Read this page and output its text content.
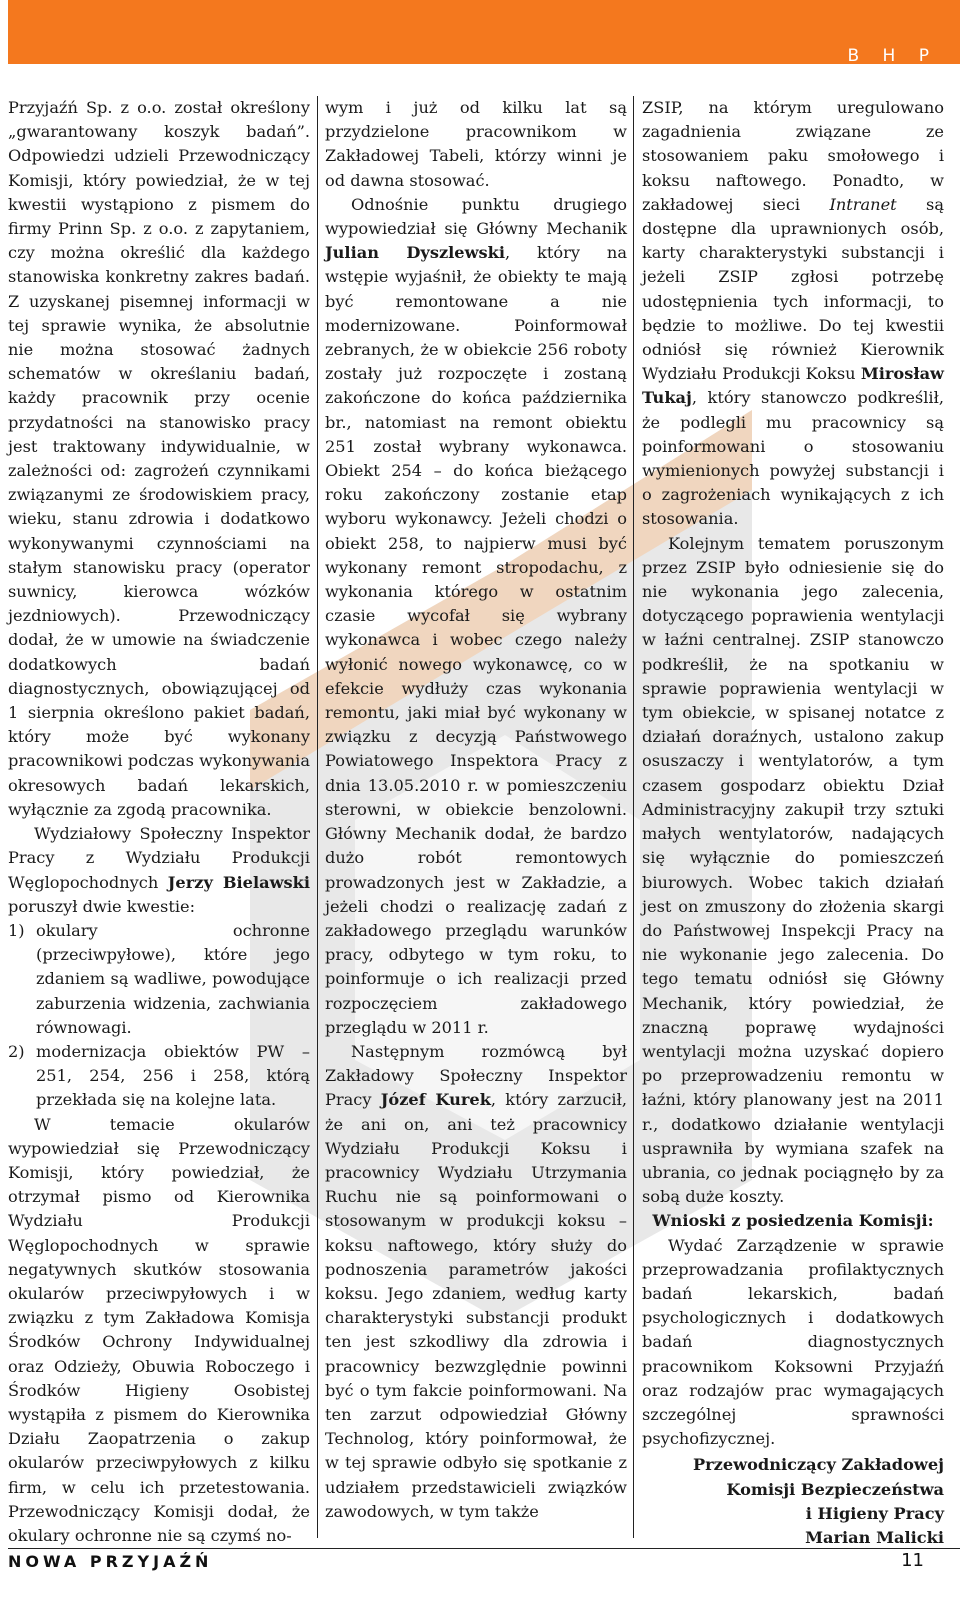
B H P

Przyjaźń Sp. z o.o. został określony „gwarantowany koszyk badań”. Odpowiedzi udzieli Przewodniczący Komisji, który powiedział, że w tej kwestii wystąpiono z pismem do firmy Prinn Sp. z o.o. z zapytaniem, czy można określić dla każdego stanowiska konkretny zakres badań. Z uzyskanej pisemnej informacji w tej sprawie wynika, że absolutnie nie można stosować żadnych schematów w określaniu badań, każdy pracownik przy ocenie przydatności na stanowisko pracy jest traktowany indywidualnie, w zależności od: zagrożeń czynnikami związanymi ze środowiskiem pracy, wieku, stanu zdrowia i dodatkowo wykonywanymi czynnościami na stałym stanowisku pracy (operator suwnicy, kierowca wózków jezdniowych). Przewodniczący dodał, że w umowie na świadczenie dodatkowych badań diagnostycznych, obowiązującej od 1 sierpnia określono pakiet badań, który może być wykonany pracownikowi podczas wykonywania okresowych badań lekarskich, wyłącznie za zgodą pracownika.

Wydziałowy Społeczny Inspektor Pracy z Wydziału Produkcji Węglopochodnych Jerzy Bielawski poruszył dwie kwestie:

1) okulary ochronne (przeciwpyłowe), które jego zdaniem są wadliwe, powodujące zaburzenia widzenia, zachwiania równowagi.
2) modernizacja obiektów PW – 251, 254, 256 i 258, którą przekłada się na kolejne lata.

W temacie okularów wypowiedział się Przewodniczący Komisji, który powiedział, że otrzymał pismo od Kierownika Wydziału Produkcji Węglopochodnych w sprawie negatywnych skutków stosowania okularów przeciwpyłowych i w związku z tym Zakładowa Komisja Środków Ochrony Indywidualnej oraz Odzieży, Obuwia Roboczego i Środków Higieny Osobistej wystąpiła z pismem do Kierownika Działu Zaopatrzenia o zakup okularów przeciwpyłowych z kilku firm, w celu ich przetestowania. Przewodniczący Komisji dodał, że okulary ochronne nie są czymś no-

wym i już od kilku lat są przydzielone pracownikom w Zakładowej Tabeli, którzy winni je od dawna stosować.

Odnośnie punktu drugiego wypowiedział się Główny Mechanik Julian Dyszlewski, który na wstępie wyjaśnił, że obiekty te mają być remontowane a nie modernizowane. Poinformował zebranych, że w obiekcie 256 roboty zostały już rozpoczęte i zostaną zakończone do końca października br., natomiast na remont obiektu 251 został wybrany wykonawca. Obiekt 254 – do końca bieżącego roku zakończony zostanie etap wyboru wykonawcy. Jeżeli chodzi o obiekt 258, to najpierw musi być wykonany remont stropodachu, z wykonania którego w ostatnim czasie wycofał się wybrany wykonawca i wobec czego należy wyłonić nowego wykonawcę, co w efekcie wydłuży czas wykonania remontu, jaki miał być wykonany w związku z decyzją Państwowego Powiatowego Inspektora Pracy z dnia 13.05.2010 r. w pomieszczeniu sterowni, w obiekcie benzolowni. Główny Mechanik dodał, że bardzo dużo robót remontowych prowadzonych jest w Zakładzie, a jeżeli chodzi o realizację zadań z zakładowego przeglądu warunków pracy, odbytego w tym roku, to poinformuje o ich realizacji przed rozpoczęciem zakładowego przeglądu w 2011 r.

Następnym rozmówcą był Zakładowy Społeczny Inspektor Pracy Józef Kurek, który zarzucił, że ani on, ani też pracownicy Wydziału Produkcji Koksu i pracownicy Wydziału Utrzymania Ruchu nie są poinformowani o stosowanym w produkcji koksu – koksu naftowego, który służy do podnoszenia parametrów jakości koksu. Jego zdaniem, według karty charakterystyki substancji produkt ten jest szkodliwy dla zdrowia i pracownicy bezwzględnie powinni być o tym fakcie poinformowani. Na ten zarzut odpowiedział Główny Technolog, który poinformował, że w tej sprawie odbyło się spotkanie z udziałem przedstawicieli związków zawodowych, w tym także

ZSIP, na którym uregulowano zagadnienia związane ze stosowaniem paku smołowego i koksu naftowego. Ponadto, w zakładowej sieci Intranet są dostępne dla uprawnionych osób, karty charakterystyki substancji i jeżeli ZSIP zgłosi potrzebę udostępnienia tych informacji, to będzie to możliwe. Do tej kwestii odniósł się również Kierownik Wydziału Produkcji Koksu Mirosław Tukaj, który stanowczo podkreślił, że podlegli mu pracownicy są poinformowani o stosowaniu wymienionych powyżej substancji i o zagrożeniach wynikających z ich stosowania.

Kolejnym tematem poruszonym przez ZSIP było odniesienie się do nie wykonania jego zalecenia, dotyczącego poprawienia wentylacji w łaźni centralnej. ZSIP stanowczo podkreślił, że na spotkaniu w sprawie poprawienia wentylacji w tym obiekcie, w spisanej notatce z działań doraźnych, ustalono zakup osuszaczy i wentylatorów, a tym czasem gospodarz obiektu Dział Administracyjny zakupił trzy sztuki małych wentylatorów, nadających się wyłącznie do pomieszczeń biurowych. Wobec takich działań jest on zmuszony do złożenia skargi do Państwowej Inspekcji Pracy na nie wykonanie jego zalecenia. Do tego tematu odniósł się Główny Mechanik, który powiedział, że znaczną poprawę wydajności wentylacji można uzyskać dopiero po przeprowadzeniu remontu w łaźni, który planowany jest na 2011 r., dodatkowo działanie wentylacji usprawniła by wymiana szafek na ubrania, co jednak pociągnęło by za sobą duże koszty.

Wnioski z posiedzenia Komisji:

Wydać Zarządzenie w sprawie przeprowadzania profilaktycznych badań lekarskich, badań psychologicznych i dodatkowych badań diagnostycznych pracownikom Koksowni Przyjaźń oraz rodzajów prac wymagających szczególnej sprawności psychofizycznej.

Przewodniczący Zakładowej
Komisji Bezpieczeństwa
i Higieny Pracy
Marian Malicki
NOWA PRZYJAŹŃ	11
